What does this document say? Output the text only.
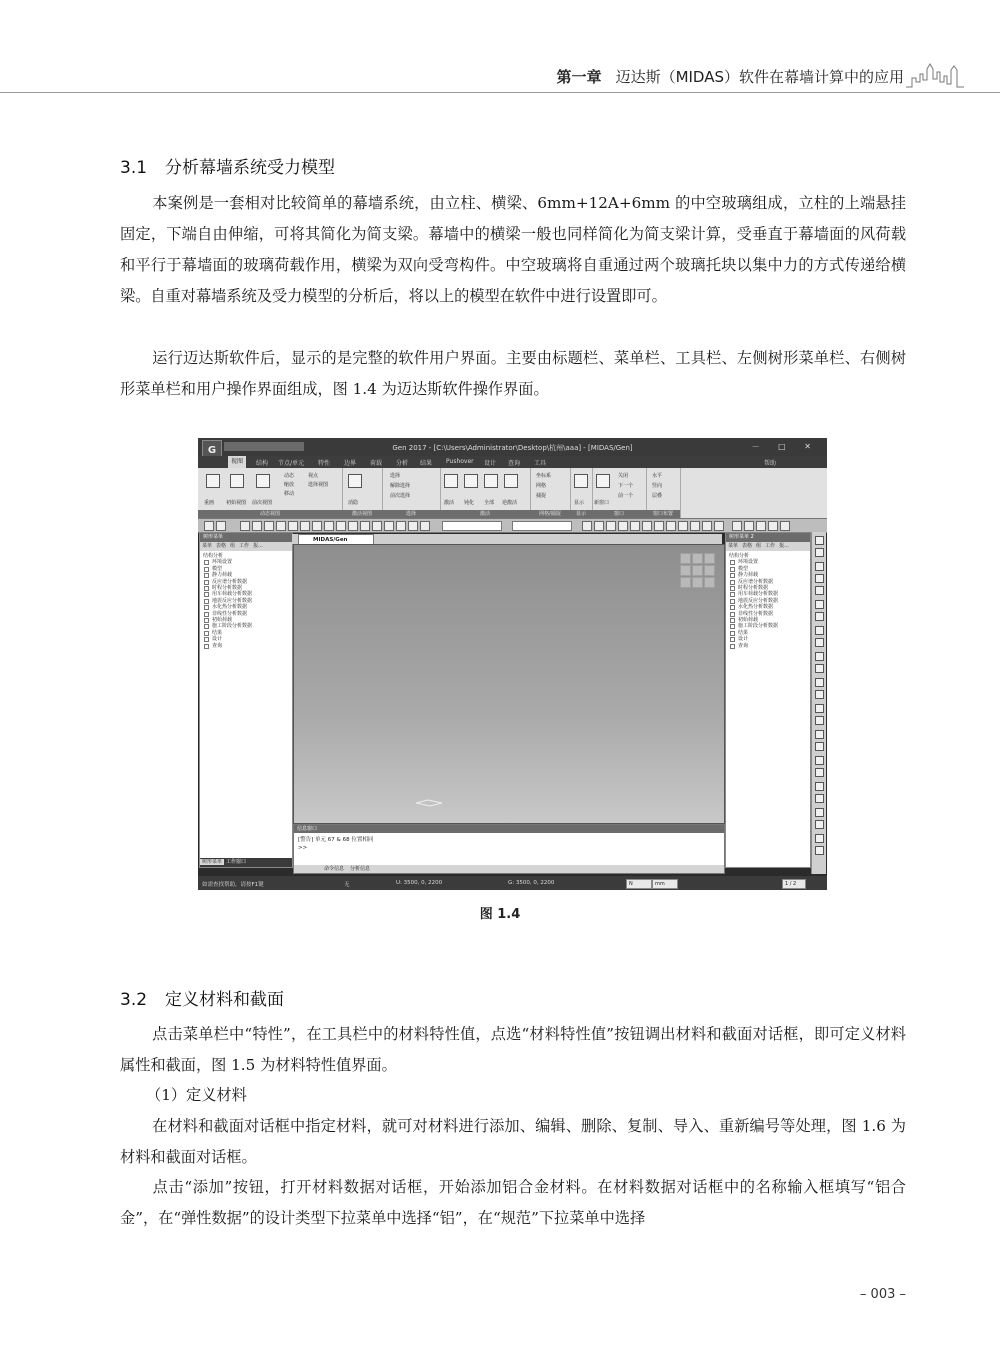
第一章 迈达斯（MIDAS）软件在幕墙计算中的应用
3.1 分析幕墙系统受力模型
本案例是一套相对比较简单的幕墙系统，由立柱、横梁、6mm+12A+6mm 的中空玻璃组成，立柱的上端悬挂固定，下端自由伸缩，可将其简化为简支梁。幕墙中的横梁一般也同样简化为简支梁计算，受垂直于幕墙面的风荷载和平行于幕墙面的玻璃荷载作用，横梁为双向受弯构件。中空玻璃将自重通过两个玻璃托块以集中力的方式传递给横梁。自重对幕墙系统及受力模型的分析后，将以上的模型在软件中进行设置即可。
运行迈达斯软件后，显示的是完整的软件用户界面。主要由标题栏、菜单栏、工具栏、左侧树形菜单栏、右侧树形菜单栏和用户操作界面组成，图 1.4 为迈达斯软件操作界面。
G	Gen 2017 - [C:\Users\Administrator\Desktop\杭州\aaa] - [MIDAS/Gen]	－ □ ✕
视图	结构 节点/单元 特性 边界 荷载 分析 结果 Pushover 设计 查询 工具	帮助
重画 初始视图 前次视图
动态
缩放
移动
视点
选择视图
动态视图
消隐
激活视图
选择
解除选择
前次选择
选择
激活 钝化 全部 逆激活
激活
坐标系
网格
捕捉
网格/捕捉
显示
显示
新窗口
关闭
下一个
前一个
窗口
水平
竖向
层叠
窗口布置
树形菜单
菜单 表格 组 工作 报...
结构分析
环境设置
模型
静力荷载
反应谱分析数据
时程分析数据
用车荷载分析数据
地震反应分析数据
水化热分析数据
非线性分析数据
初始荷载
施工阶段分析数据
结果
设计
查询
树形菜单 工作窗口
MIDAS/Gen
信息窗口
[警告] 单元 67 & 68 位置相同
>>
命令信息 分析信息
树形菜单 2
菜单 表格 组 工作 报...
结构分析
环境设置
模型
静力荷载
反应谱分析数据
时程分析数据
用车荷载分析数据
地震反应分析数据
水化热分析数据
非线性分析数据
初始荷载
施工阶段分析数据
结果
设计
查询
如需查找帮助，请按F1键	无	U: 3500, 0, 2200	G: 3500, 0, 2200	N	mm	1 / 2
图 1.4
3.2 定义材料和截面
点击菜单栏中“特性”，在工具栏中的材料特性值，点选“材料特性值”按钮调出材料和截面对话框，即可定义材料属性和截面，图 1.5 为材料特性值界面。
（1）定义材料
在材料和截面对话框中指定材料，就可对材料进行添加、编辑、删除、复制、导入、重新编号等处理，图 1.6 为材料和截面对话框。
点击“添加”按钮，打开材料数据对话框，开始添加铝合金材料。在材料数据对话框中的名称输入框填写“铝合金”，在“弹性数据”的设计类型下拉菜单中选择“铝”，在“规范”下拉菜单中选择
– 003 –
